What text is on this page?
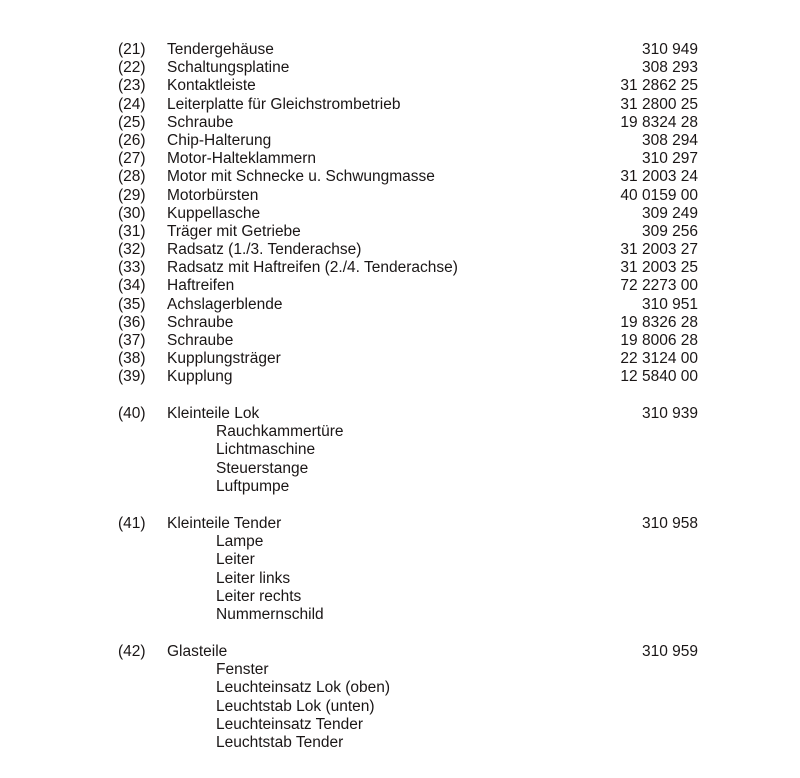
(21) Tendergehäuse	310 949
(22) Schaltungsplatine	308 293
(23) Kontaktleiste	31 2862 25
(24) Leiterplatte für Gleichstrombetrieb	31 2800 25
(25) Schraube	19 8324 28
(26) Chip-Halterung	308 294
(27) Motor-Halteklammern	310 297
(28) Motor mit Schnecke u. Schwungmasse	31 2003 24
(29) Motorbürsten	40 0159 00
(30) Kuppellasche	309 249
(31) Träger mit Getriebe	309 256
(32) Radsatz (1./3. Tenderachse)	31 2003 27
(33) Radsatz mit Haftreifen (2./4. Tenderachse)	31 2003 25
(34) Haftreifen	72 2273 00
(35) Achslagerblende	310 951
(36) Schraube	19 8326 28
(37) Schraube	19 8006 28
(38) Kupplungsträger	22 3124 00
(39) Kupplung	12 5840 00
(40) Kleinteile Lok	310 939
Rauchkammertüre
Lichtmaschine
Steuerstange
Luftpumpe
(41) Kleinteile Tender	310 958
Lampe
Leiter
Leiter links
Leiter rechts
Nummernschild
(42) Glasteile	310 959
Fenster
Leuchteinsatz Lok (oben)
Leuchtstab Lok (unten)
Leuchteinsatz Tender
Leuchtstab Tender
